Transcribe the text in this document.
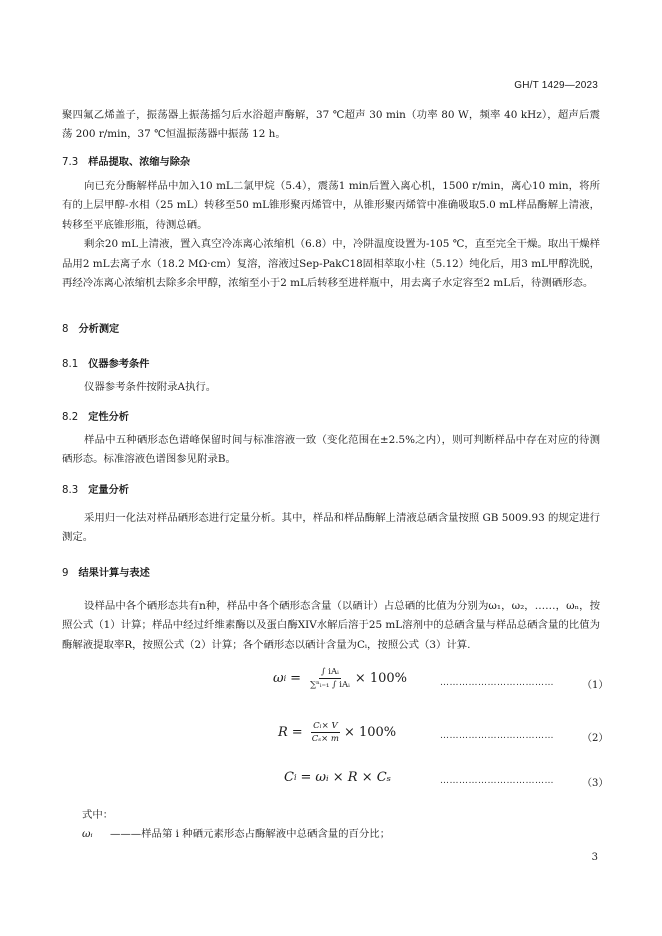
GH/T 1429—2023

聚四氟乙烯盖子，振荡器上振荡摇匀后水浴超声酶解，37 ℃超声 30 min（功率 80 W，频率 40 kHz），超声后震荡 200 r/min，37 ℃恒温振荡器中振荡 12 h。

7.3 样品提取、浓缩与除杂

向已充分酶解样品中加入10 mL二氯甲烷（5.4），震荡1 min后置入离心机，1500 r/min，离心10 min，将所有的上层甲醇-水相（25 mL）转移至50 mL锥形聚丙烯管中，从锥形聚丙烯管中准确吸取5.0 mL样品酶解上清液，转移至平底锥形瓶，待测总硒。

剩余20 mL上清液，置入真空冷冻离心浓缩机（6.8）中，冷阱温度设置为-105 ℃，直至完全干燥。取出干燥样品用2 mL去离子水（18.2 MΩ·cm）复溶，溶液过Sep-PakC18固相萃取小柱（5.12）纯化后，用3 mL甲醇洗脱，再经冷冻离心浓缩机去除多余甲醇，浓缩至小于2 mL后转移至进样瓶中，用去离子水定容至2 mL后，待测硒形态。

8 分析测定
8.1 仪器参考条件

仪器参考条件按附录A执行。

8.2 定性分析

样品中五种硒形态色谱峰保留时间与标准溶液一致（变化范围在±2.5%之内），则可判断样品中存在对应的待测硒形态。标准溶液色谱图参见附录B。

8.3 定量分析

采用归一化法对样品硒形态进行定量分析。其中，样品和样品酶解上清液总硒含量按照 GB 5009.93 的规定进行测定。

9 结果计算与表述

设样品中各个硒形态共有n种，样品中各个硒形态含量（以硒计）占总硒的比值为分别为ω₁，ω₂，……，ωₙ，按照公式（1）计算；样品中经过纤维素酶以及蛋白酶XIV水解后溶于25 mL溶剂中的总硒含量与样品总硒含量的比值为酶解液提取率R，按照公式（2）计算；各个硒形态以硒计含量为Cᵢ，按照公式（3）计算.

ω $i = \frac{\text{∫ iAᵢ}}{\text{∑ⁿᵢ₌₁ ∫ iAᵢ}} \times 100\%$	………………………………	（1）
$R = \frac{\text{Cₗ× V}}{\text{Cₛ× m}} \times 100\%$	………………………………	（2）
C i = ωᵢ × R × Cₛ	………………………………	（3）
式中：
ωᵢ ———样品第 i 种硒元素形态占酶解液中总硒含量的百分比；
3
